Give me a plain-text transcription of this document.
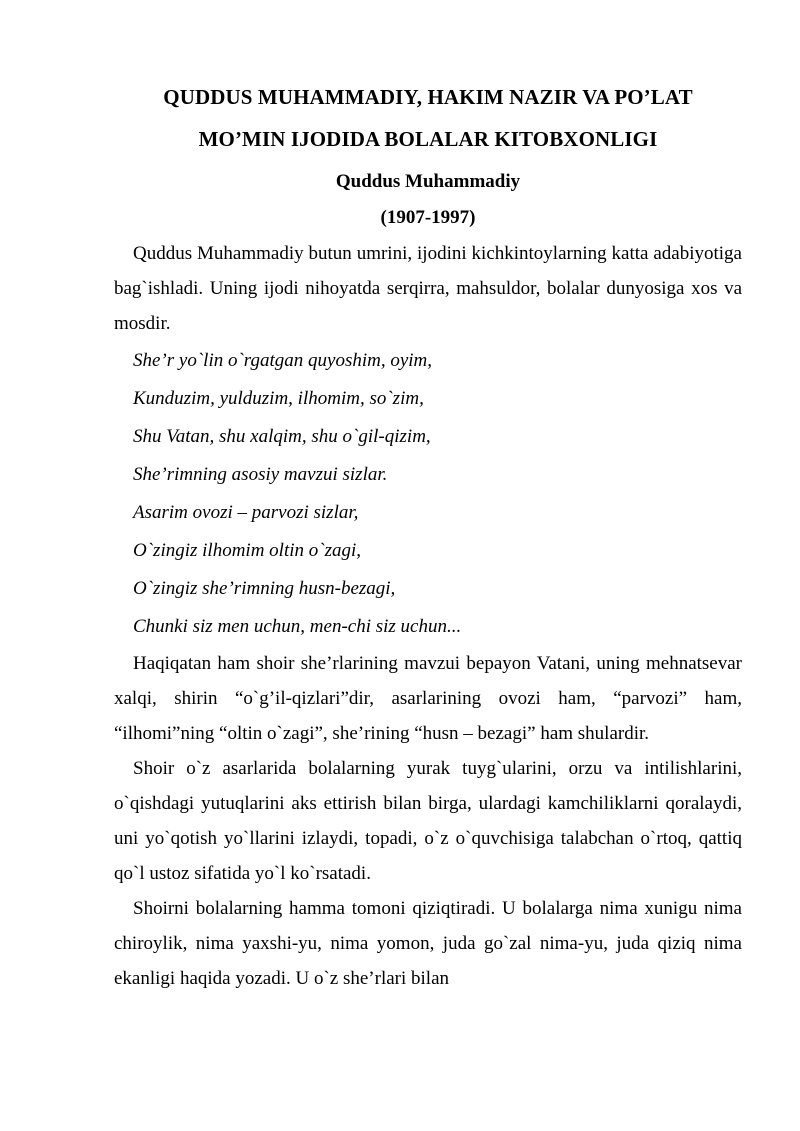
QUDDUS MUHAMMADIY, HAKIM NAZIR VA PO’LAT
MO’MIN IJODIDA BOLALAR KITOBXONLIGI
Quddus Muhammadiy
(1907-1997)

Quddus Muhammadiy butun umrini, ijodini kichkintoylarning katta adabiyotiga bag`ishladi. Uning ijodi nihoyatda serqirra, mahsuldor, bolalar dunyosiga xos va mosdir.

She’r yo`lin o`rgatgan quyoshim, oyim,
Kunduzim, yulduzim, ilhomim, so`zim,
Shu Vatan, shu xalqim, shu o`gil-qizim,
She’rimning asosiy mavzui sizlar.
Asarim ovozi – parvozi sizlar,
O`zingiz ilhomim oltin o`zagi,
O`zingiz she’rimning husn-bezagi,
Chunki siz men uchun, men-chi siz uchun...

Haqiqatan ham shoir she’rlarining mavzui bepayon Vatani, uning mehnatsevar xalqi, shirin “o`g’il-qizlari”dir, asarlarining ovozi ham, “parvozi” ham, “ilhomi”ning “oltin o`zagi”, she’rining “husn – bezagi” ham shulardir.

Shoir o`z asarlarida bolalarning yurak tuyg`ularini, orzu va intilishlarini, o`qishdagi yutuqlarini aks ettirish bilan birga, ulardagi kamchiliklarni qoralaydi, uni yo`qotish yo`llarini izlaydi, topadi, o`z o`quvchisiga talabchan o`rtoq, qattiq qo`l ustoz sifatida yo`l ko`rsatadi.

Shoirni bolalarning hamma tomoni qiziqtiradi. U bolalarga nima xunigu nima chiroylik, nima yaxshi-yu, nima yomon, juda go`zal nima-yu, juda qiziq nima ekanligi haqida yozadi. U o`z she’rlari bilan
